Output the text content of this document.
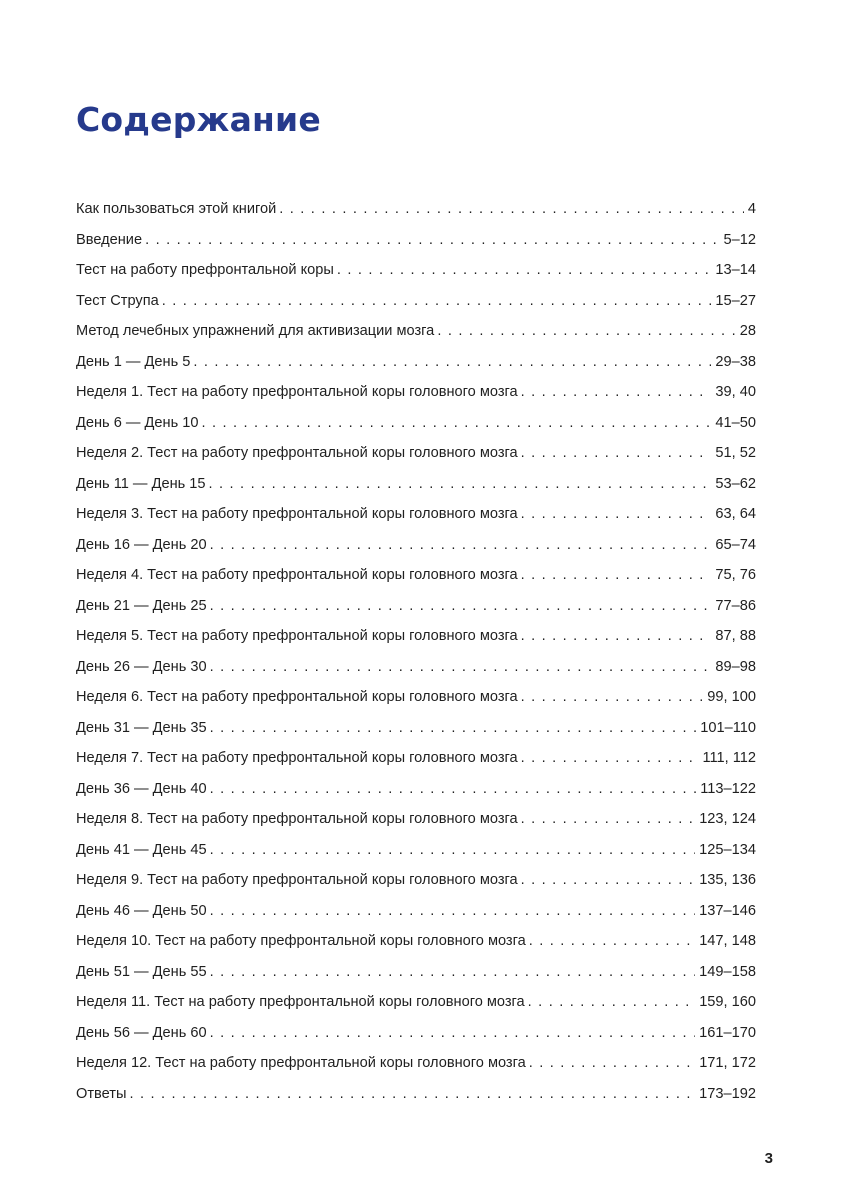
Содержание
Как пользоваться этой книгой . . .	4
Введение . . .	5–12
Тест на работу префронтальной коры . . .	13–14
Тест Струпа . . .	15–27
Метод лечебных упражнений для активизации мозга . . .	28
День 1 — День 5 . . .	29–38
Неделя 1. Тест на работу префронтальной коры головного мозга . . .	39, 40
День 6 — День 10 . . .	41–50
Неделя 2. Тест на работу префронтальной коры головного мозга . . .	51, 52
День 11 — День 15 . . .	53–62
Неделя 3. Тест на работу префронтальной коры головного мозга . . .	63, 64
День 16 — День 20 . . .	65–74
Неделя 4. Тест на работу префронтальной коры головного мозга . . .	75, 76
День 21 — День 25 . . .	77–86
Неделя 5. Тест на работу префронтальной коры головного мозга . . .	87, 88
День 26 — День 30 . . .	89–98
Неделя 6. Тест на работу префронтальной коры головного мозга . . .	99, 100
День 31 — День 35 . . .	101–110
Неделя 7. Тест на работу префронтальной коры головного мозга . . .	111, 112
День 36 — День 40 . . .	113–122
Неделя 8. Тест на работу префронтальной коры головного мозга . . .	123, 124
День 41 — День 45 . . .	125–134
Неделя 9. Тест на работу префронтальной коры головного мозга . . .	135, 136
День 46 — День 50 . . .	137–146
Неделя 10. Тест на работу префронтальной коры головного мозга . . .	147, 148
День 51 — День 55 . . .	149–158
Неделя 11. Тест на работу префронтальной коры головного мозга . . .	159, 160
День 56 — День 60 . . .	161–170
Неделя 12. Тест на работу префронтальной коры головного мозга . . .	171, 172
Ответы . . .	173–192
3
